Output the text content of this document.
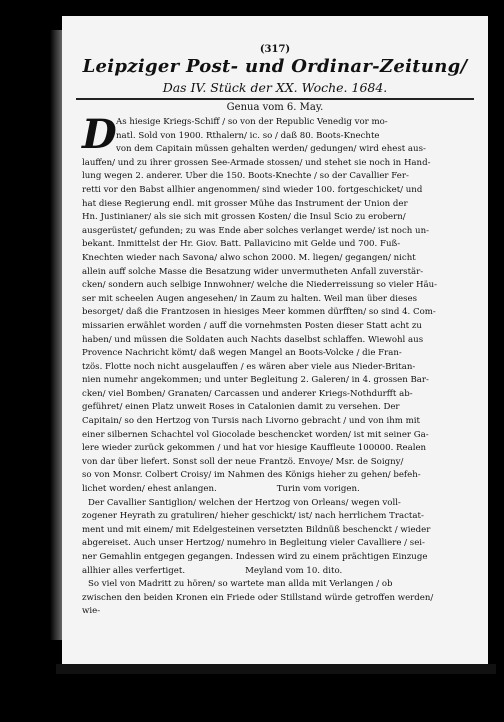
(317)
Leipziger Post- und Ordinar-Zeitung/
Das IV. Stück der XX. Woche. 1684.
Genua vom 6. May.
D As hiesige Kriegs-Schiff / so von der Republic Venedig vor mo-
natl. Sold von 1900. Rthalern/ ic. so / daß 80. Boots-Knechte
von dem Capitain müssen gehalten werden/ gedungen/ wird ehest aus-
lauffen/ und zu ihrer grossen See-Armade stossen/ und stehet sie noch in Hand-
lung wegen 2. anderer. Uber die 150. Boots-Knechte / so der Cavallier Fer-
retti vor den Babst allhier angenommen/ sind wieder 100. fortgeschicket/ und
hat diese Regierung endl. mit grosser Mühe das Instrument der Union der
Hn. Justinianer/ als sie sich mit grossen Kosten/ die Insul Scio zu erobern/
ausgerüstet/ gefunden; zu was Ende aber solches verlanget werde/ ist noch un-
bekant. Inmittelst der Hr. Giov. Batt. Pallavicino mit Gelde und 700. Fuß-
Knechten wieder nach Savona/ alwo schon 2000. M. liegen/ gegangen/ nicht
allein auff solche Masse die Besatzung wider unvermutheten Anfall zuverstär-
cken/ sondern auch selbige Innwohner/ welche die Niederreissung so vieler Häu-
ser mit scheelen Augen angesehen/ in Zaum zu halten. Weil man über dieses
besorget/ daß die Frantzosen in hiesiges Meer kommen dürfften/ so sind 4. Com-
missarien erwählet worden / auff die vornehmsten Posten dieser Statt acht zu
haben/ und müssen die Soldaten auch Nachts daselbst schlaffen. Wiewohl aus
Provence Nachricht kömt/ daß wegen Mangel an Boots-Volcke / die Fran-
tzös. Flotte noch nicht ausgelauffen / es wären aber viele aus Nieder-Britan-
nien numehr angekommen; und unter Begleitung 2. Galeren/ in 4. grossen Bar-
cken/ viel Bomben/ Granaten/ Carcassen und anderer Kriegs-Nothdurfft ab-
geführet/ einen Platz unweit Roses in Catalonien damit zu versehen. Der
Capitain/ so den Hertzog von Tursis nach Livorno gebracht / und von ihm mit
einer silbernen Schachtel vol Giocolade beschencket worden/ ist mit seiner Ga-
lere wieder zurück gekommen / und hat vor hiesige Kauffleute 100000. Realen
von dar über liefert. Sonst soll der neue Frantzö. Envoye/ Msr. de Soigny/
so von Monsr. Colbert Croisy/ im Nahmen des Königs hieher zu gehen/ befeh-
lichet worden/ ehest anlangen.	Turin vom vorigen.
Der Cavallier Santiglion/ welchen der Hertzog von Orleans/ wegen voll-
zogener Heyrath zu gratuliren/ hieher geschickt/ ist/ nach herrlichem Tractat-
ment und mit einem/ mit Edelgesteinen versetzten Bildnüß beschenckt / wieder
abgereiset. Auch unser Hertzog/ numehro in Begleitung vieler Cavalliere / sei-
ner Gemahlin entgegen gegangen. Indessen wird zu einem prächtigen Einzuge
allhier alles verfertiget.	Meyland vom 10. dito.
So viel von Madritt zu hören/ so wartete man allda mit Verlangen / ob
zwischen den beiden Kronen ein Friede oder Stillstand würde getroffen werden/
wie-
